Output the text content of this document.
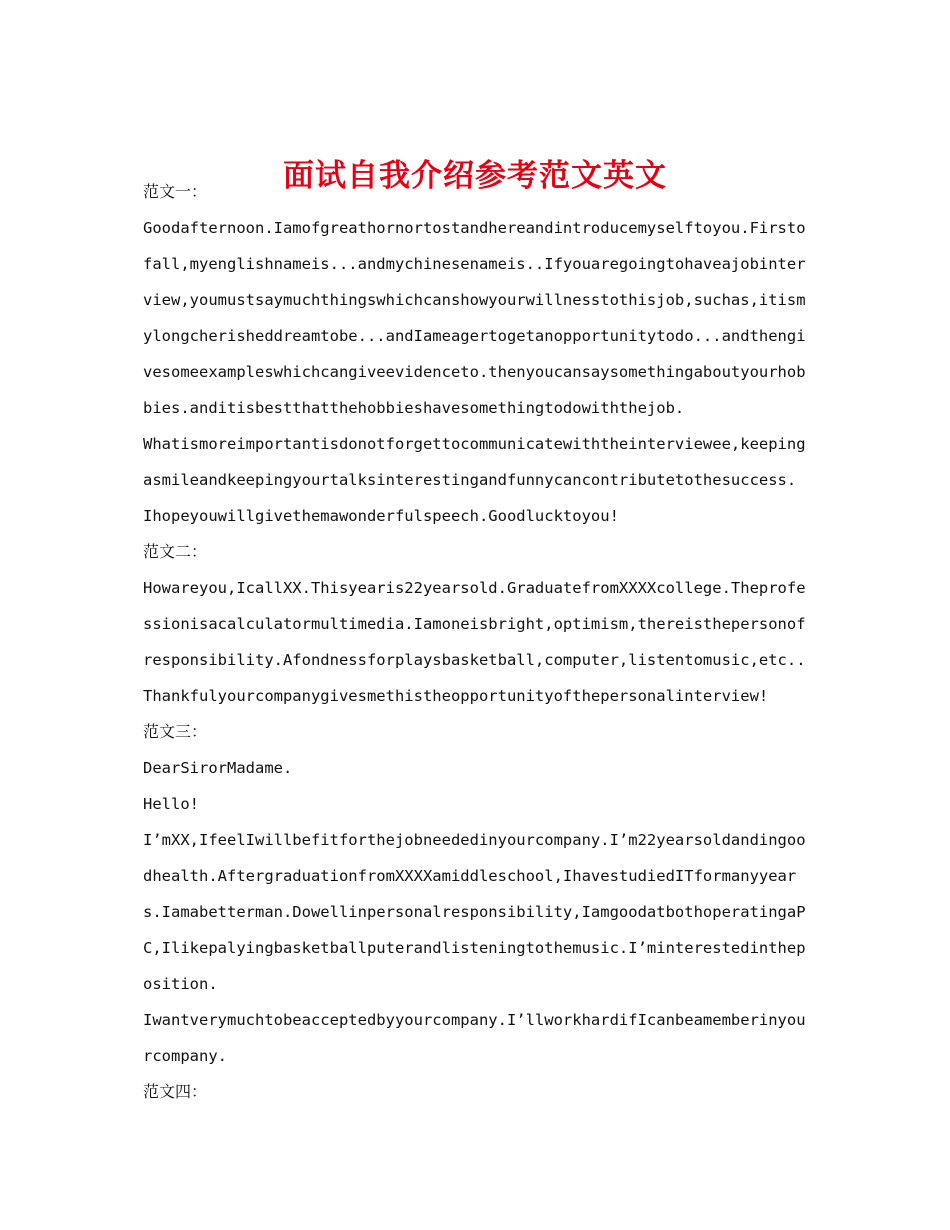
面试自我介绍参考范文英文
范文一：

Goodafternoon.Iamofgreathornortostandhereandintroducemyselftoyou.Firstofall,myenglishnameis...andmychinesenameis..Ifyouaregoingtohaveajobinterview,youmustsaymuchthingswhichcanshowyourwillnesstothisjob,suchas,itismylongcherisheddreamtobe...andIameagertogetanopportunitytodo...andthengivesomeexampleswhichcangiveevidenceto.thenyoucansaysomethingaboutyourhobbies.anditisbestthatthehobbieshavesomethingtodowiththejob.

Whatismoreimportantisdonotforgettocommunicatewiththeinterviewee,keepingasmileandkeepingyourtalksinterestingandfunnycancontributetothesuccess.

Ihopeyouwillgivethemawonderfulspeech.Goodlucktoyou!

范文二：

Howareyou,IcallXX.Thisyearis22yearsold.GraduatefromXXXXcollege.Theprofessionisacalculatormultimedia.Iamoneisbright,optimism,thereisthepersonofresponsibility.Afondnessforplaysbasketball,computer,listentomusic,etc..

Thankfulyourcompanygivesmethistheopportunityofthepersonalinterview!

范文三：

DearSirorMadame.

Hello!

I’mXX,IfeelIwillbefitforthejobneededinyourcompany.I’m22yearsoldandingoodhealth.AftergraduationfromXXXXamiddleschool,IhavestudiedITformanyyears.Iamabetterman.Dowellinpersonalresponsibility,IamgoodatbothoperatingaPC,Ilikepalyingbasketballputerandlisteningtothemusic.I’minterestedintheposition.

Iwantverymuchtobeacceptedbyyourcompany.I’llworkhardifIcanbeamemberinyourcompany.

范文四：
